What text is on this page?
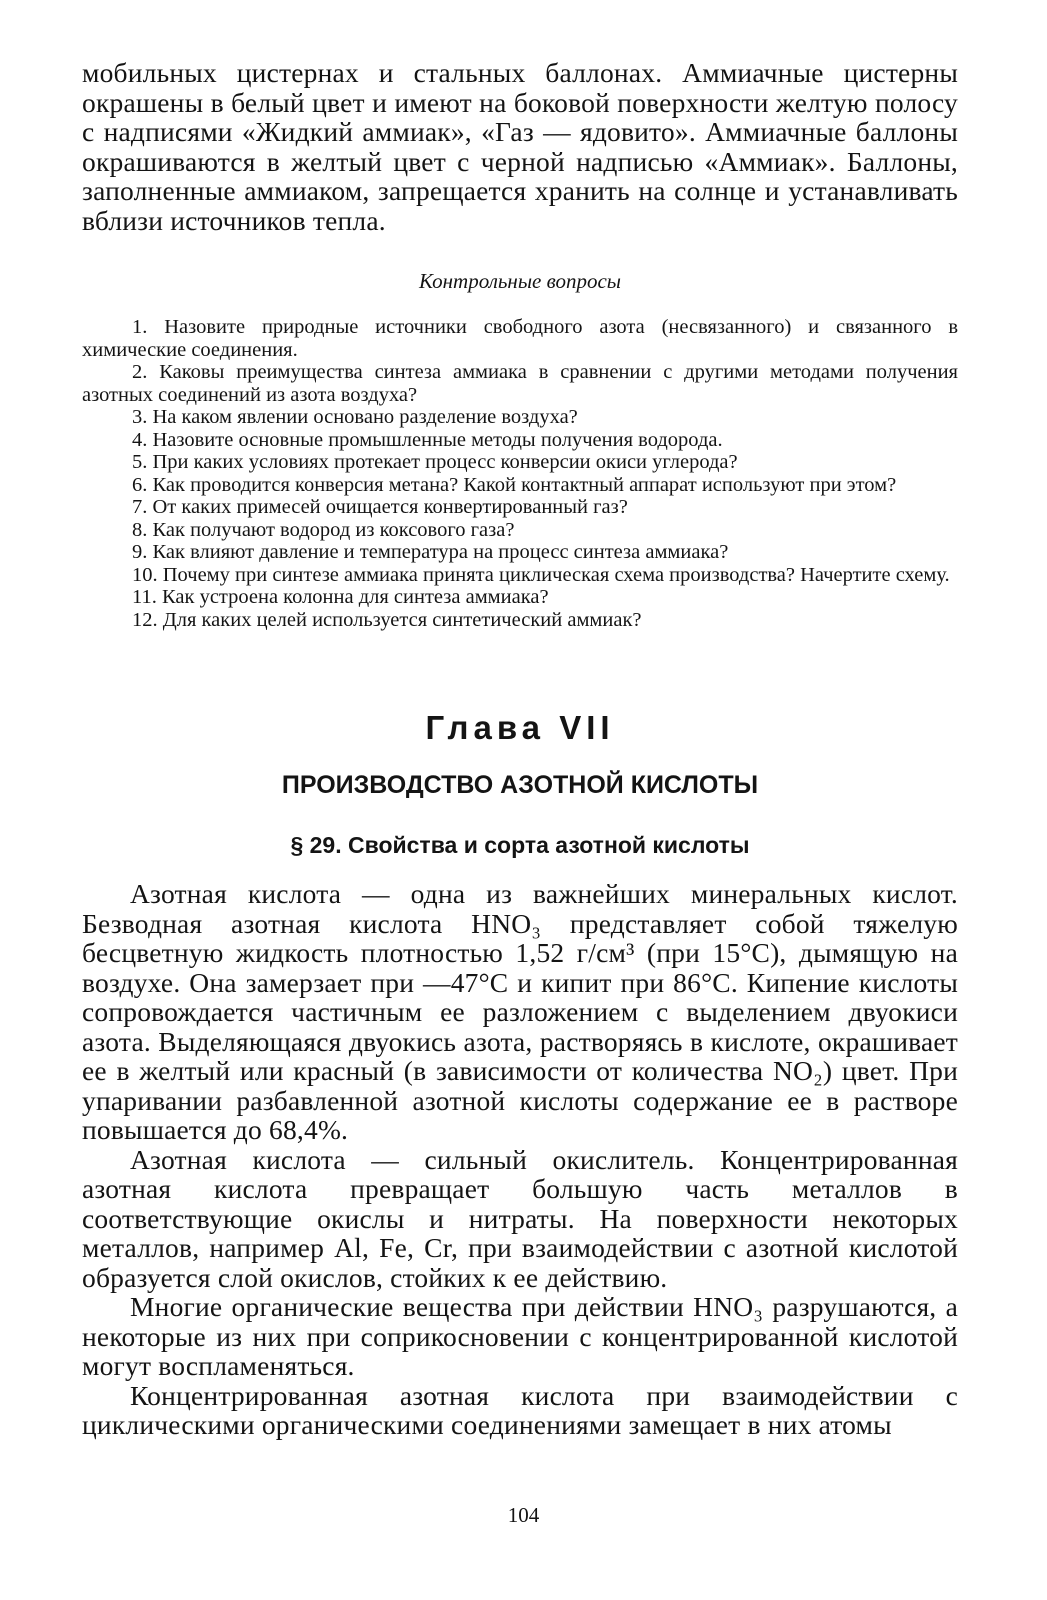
мобильных цистернах и стальных баллонах. Аммиачные цистерны окрашены в белый цвет и имеют на боковой поверхности желтую полосу с надписями «Жидкий аммиак», «Газ — ядовито». Аммиачные баллоны окрашиваются в желтый цвет с черной надписью «Аммиак». Баллоны, заполненные аммиаком, запрещается хранить на солнце и устанавливать вблизи источников тепла.

Контрольные вопросы
1. Назовите природные источники свободного азота (несвязанного) и связанного в химические соединения.
2. Каковы преимущества синтеза аммиака в сравнении с другими методами получения азотных соединений из азота воздуха?
3. На каком явлении основано разделение воздуха?
4. Назовите основные промышленные методы получения водорода.
5. При каких условиях протекает процесс конверсии окиси углерода?
6. Как проводится конверсия метана? Какой контактный аппарат используют при этом?
7. От каких примесей очищается конвертированный газ?
8. Как получают водород из коксового газа?
9. Как влияют давление и температура на процесс синтеза аммиака?
10. Почему при синтезе аммиака принята циклическая схема производства? Начертите схему.
11. Как устроена колонна для синтеза аммиака?
12. Для каких целей используется синтетический аммиак?
Глава VII
ПРОИЗВОДСТВО АЗОТНОЙ КИСЛОТЫ
§ 29. Свойства и сорта азотной кислоты

Азотная кислота — одна из важнейших минеральных кислот. Безводная азотная кислота HNO₃ представляет собой тяжелую бесцветную жидкость плотностью 1,52 г/см³ (при 15°С), дымящую на воздухе. Она замерзает при —47°С и кипит при 86°С. Кипение кислоты сопровождается частичным ее разложением с выделением двуокиси азота. Выделяющаяся двуокись азота, растворяясь в кислоте, окрашивает ее в желтый или красный (в зависимости от количества NO₂) цвет. При упаривании разбавленной азотной кислоты содержание ее в растворе повышается до 68,4%.

Азотная кислота — сильный окислитель. Концентрированная азотная кислота превращает большую часть металлов в соответствующие окислы и нитраты. На поверхности некоторых металлов, например Al, Fe, Cr, при взаимодействии с азотной кислотой образуется слой окислов, стойких к ее действию.

Многие органические вещества при действии HNO₃ разрушаются, а некоторые из них при соприкосновении с концентрированной кислотой могут воспламеняться.

Концентрированная азотная кислота при взаимодействии с циклическими органическими соединениями замещает в них атомы

104
